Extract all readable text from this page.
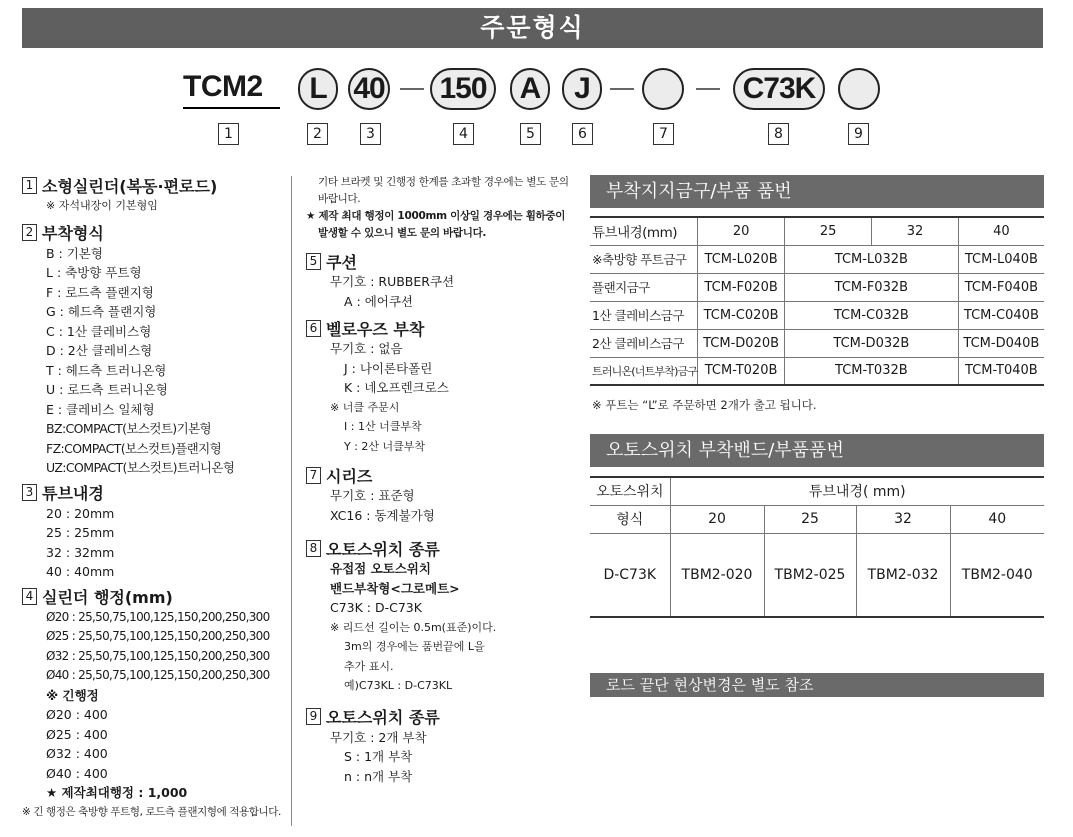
주문형식
TCM2	L 40	150	A	J	C73K
1	2	3	4	5	6	7	8	9
1 소형실린더(복동·편로드)
※ 자석내장이 기본형임
2 부착형식
B : 기본형
L : 축방향 푸트형
F : 로드측 플랜지형
G : 헤드측 플랜지형
C : 1산 클레비스형
D : 2산 클레비스형
T : 헤드측 트러니온형
U : 로드측 트러니온형
E : 클레비스 일체형
BZ:COMPACT(보스컷트)기본형
FZ:COMPACT(보스컷트)플랜지형
UZ:COMPACT(보스컷트)트러니온형
3 튜브내경
20 : 20mm
25 : 25mm
32 : 32mm
40 : 40mm
4 실린더 행정(mm)
Ø20 : 25,50,75,100,125,150,200,250,300
Ø25 : 25,50,75,100,125,150,200,250,300
Ø32 : 25,50,75,100,125,150,200,250,300
Ø40 : 25,50,75,100,125,150,200,250,300
※ 긴행정
Ø20 : 400
Ø25 : 400
Ø32 : 400
Ø40 : 400
★ 제작최대행정 : 1,000
※ 긴 행정은 축방향 푸트형, 로드측 플랜지형에 적용합니다.
기타 브라켓 및 긴행정 한계를 초과할 경우에는 별도 문의
바랍니다.
★ 제작 최대 행정이 1000mm 이상일 경우에는 휨하중이
발생할 수 있으니 별도 문의 바랍니다.
5 쿠션
무기호 : RUBBER쿠션
A : 에어쿠션
6 벨로우즈 부착
무기호 : 없음
J : 나이론타폴린
K : 네오프렌크로스
※ 너클 주문시
I : 1산 너클부착
Y : 2산 너클부착
7 시리즈
무기호 : 표준형
XC16 : 동계불가형
8 오토스위치 종류
유접점 오토스위치
밴드부착형<그로메트>
C73K : D-C73K
※ 리드선 길이는 0.5m(표준)이다.
3m의 경우에는 품번끝에 L을
추가 표시.
예)C73KL : D-C73KL
9 오토스위치 종류
무기호 : 2개 부착
S : 1개 부착
n : n개 부착
부착지지금구/부품 품번
튜브내경(mm)	20	25	32	40
※축방향 푸트금구	TCM-L020B	TCM-L032B		TCM-L040B
플랜지금구	TCM-F020B	TCM-F032B		TCM-F040B
1산 클레비스금구	TCM-C020B	TCM-C032B		TCM-C040B
2산 클레비스금구	TCM-D020B	TCM-D032B		TCM-D040B
트러니온(너트부착)금구	TCM-T020B	TCM-T032B		TCM-T040B
※ 푸트는 “L”로 주문하면 2개가 출고 됩니다.
오토스위치 부착밴드/부품품번
오토스위치	튜브내경( mm)			
형식	20	25	32	40
D-C73K	TBM2-020	TBM2-025	TBM2-032	TBM2-040
로드 끝단 현상변경은 별도 참조
